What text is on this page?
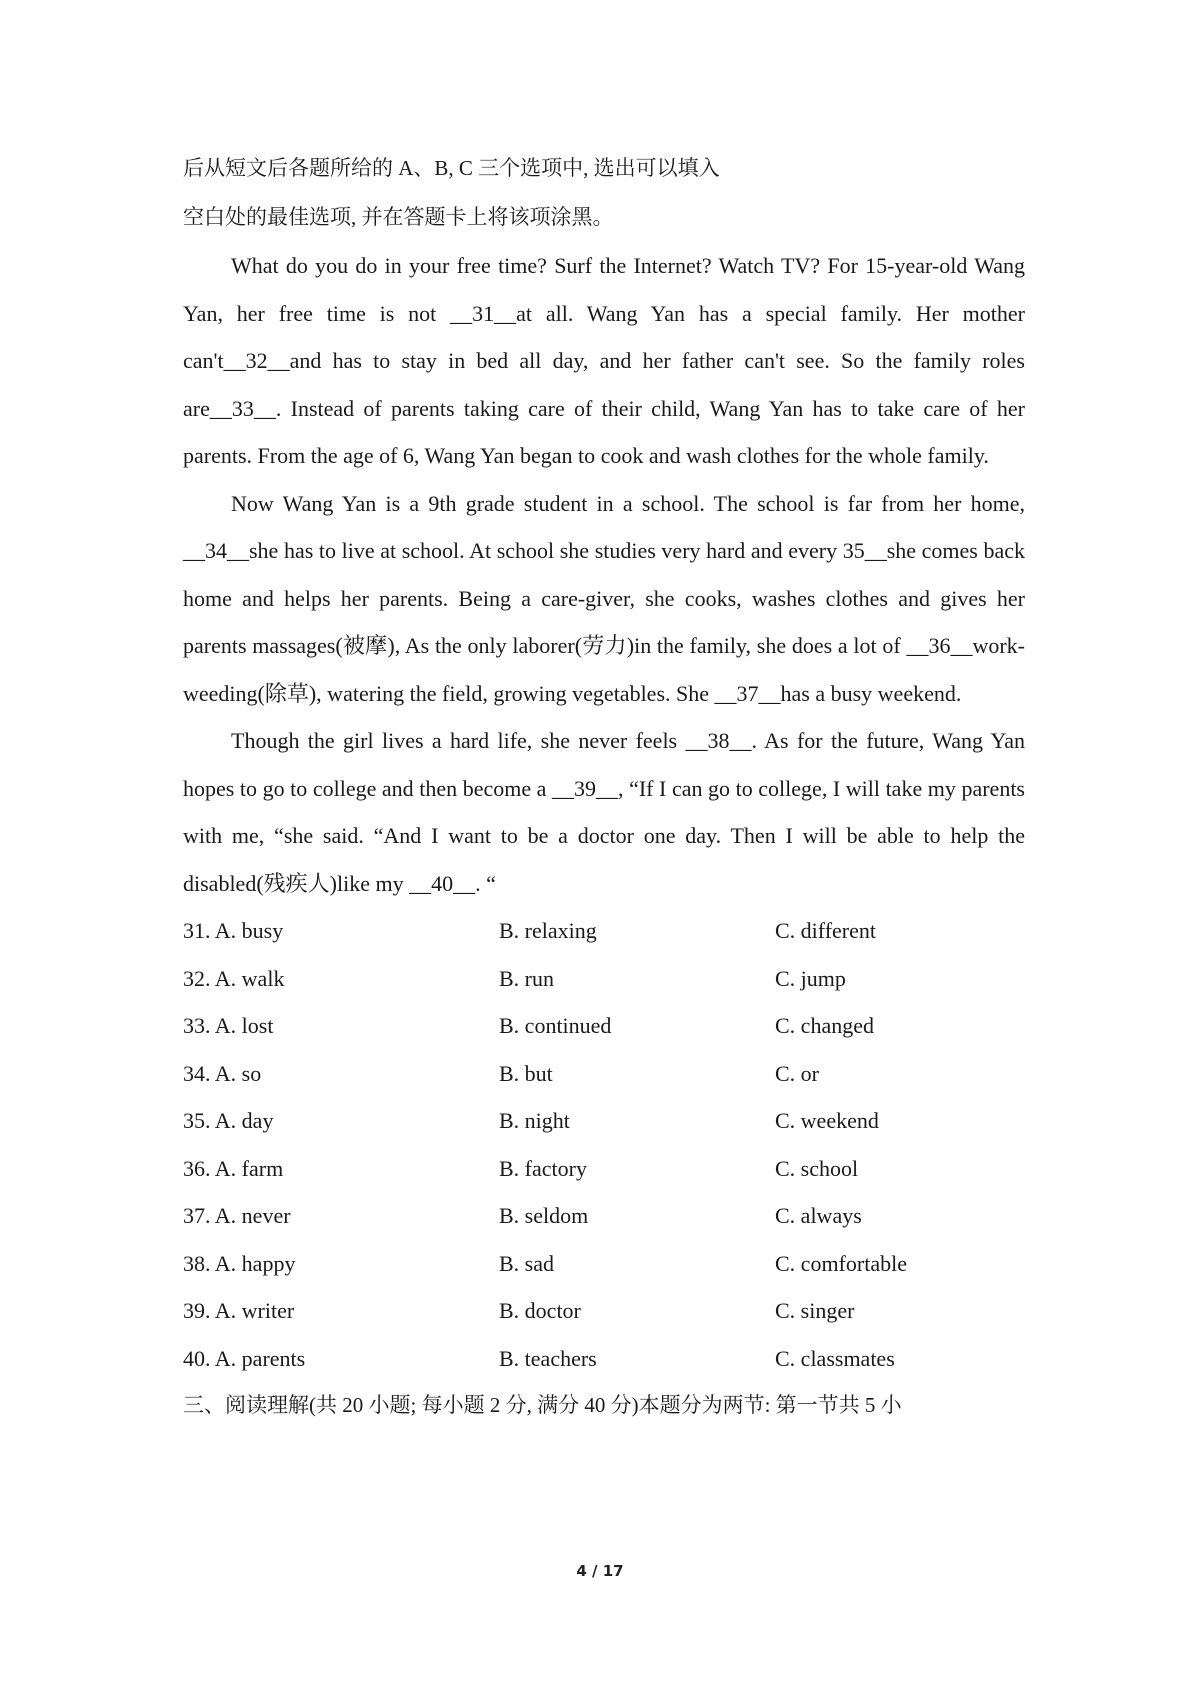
后从短文后各题所给的 A、B, C 三个选项中, 选出可以填入

空白处的最佳选项, 并在答题卡上将该项涂黑。

What do you do in your free time? Surf the Internet? Watch TV? For 15-year-old Wang Yan, her free time is not __31__at all. Wang Yan has a special family. Her mother can't__32__and has to stay in bed all day, and her father can't see. So the family roles are__33__. Instead of parents taking care of their child, Wang Yan has to take care of her parents. From the age of 6, Wang Yan began to cook and wash clothes for the whole family.

Now Wang Yan is a 9th grade student in a school. The school is far from her home, __34__she has to live at school. At school she studies very hard and every 35__she comes back home and helps her parents. Being a care-giver, she cooks, washes clothes and gives her parents massages(被摩), As the only laborer(劳力)in the family, she does a lot of __36__work-weeding(除草), watering the field, growing vegetables. She __37__has a busy weekend.

Though the girl lives a hard life, she never feels __38__. As for the future, Wang Yan hopes to go to college and then become a __39__, “If I can go to college, I will take my parents with me, “she said. “And I want to be a doctor one day. Then I will be able to help the disabled(残疾人)like my __40__. “

31. A. busy	B. relaxing	C. different
32. A. walk	B. run	C. jump
33. A. lost	B. continued	C. changed
34. A. so	B. but	C. or
35. A. day	B. night	C. weekend
36. A. farm	B. factory	C. school
37. A. never	B. seldom	C. always
38. A. happy	B. sad	C. comfortable
39. A. writer	B. doctor	C. singer
40. A. parents	B. teachers	C. classmates

三、阅读理解(共 20 小题; 每小题 2 分, 满分 40 分)本题分为两节: 第一节共 5 小

4 / 17
